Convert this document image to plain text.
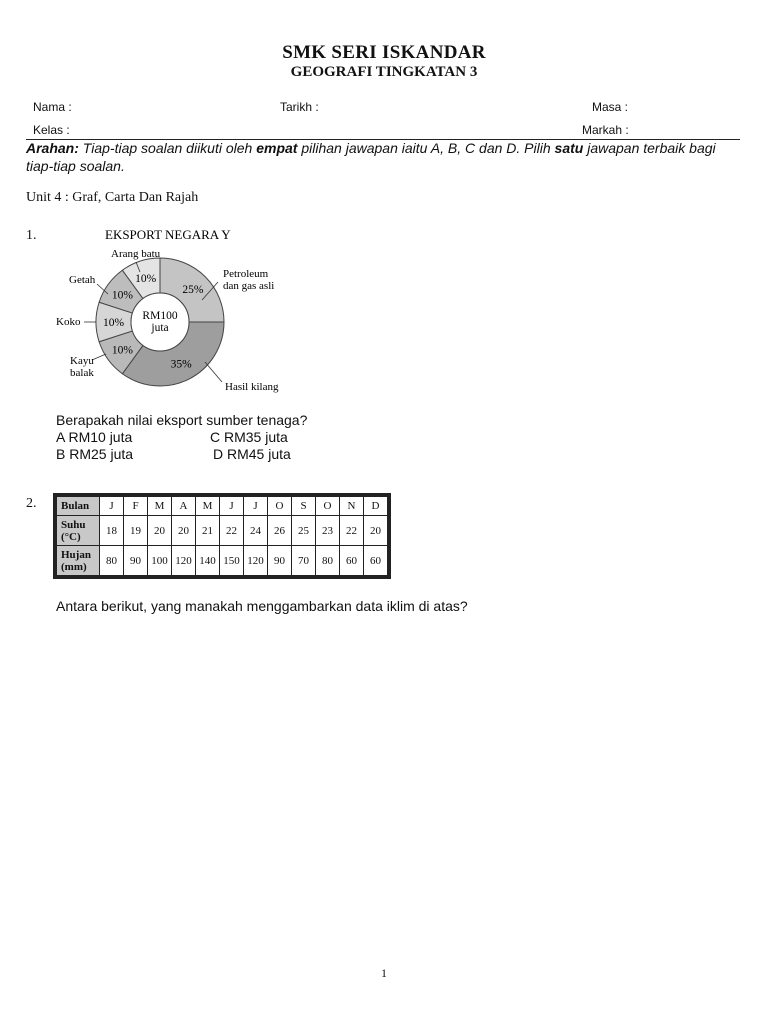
SMK SERI ISKANDAR
GEOGRAFI TINGKATAN 3
Nama :	Tarikh :	Masa :
Kelas :	Markah :
Arahan: Tiap-tiap soalan diikuti oleh empat pilihan jawapan iaitu A, B, C dan D. Pilih satu jawapan terbaik bagi tiap-tiap soalan.
Unit 4 : Graf, Carta Dan Rajah
1.	EKSPORT NEGARA Y
25%
35%
10%
10%
10%
10%
RM100
juta
Petroleum
dan gas asli
Hasil kilang
Kayu
balak
Koko
Getah
Arang batu
Berapakah nilai eksport sumber tenaga?
A RM10 juta	C RM35 juta
B RM25 juta	D RM45 juta
2. Bulan	J	F	M	A	M	J	J	O	S	O	N	D
Suhu
(°C)	18	19	20	20	21	22	24	26	25	23	22	20
Hujan
(mm)	80	90	100	120	140	150	120	90	70	80	60	60
Antara berikut, yang manakah menggambarkan data iklim di atas?
1
